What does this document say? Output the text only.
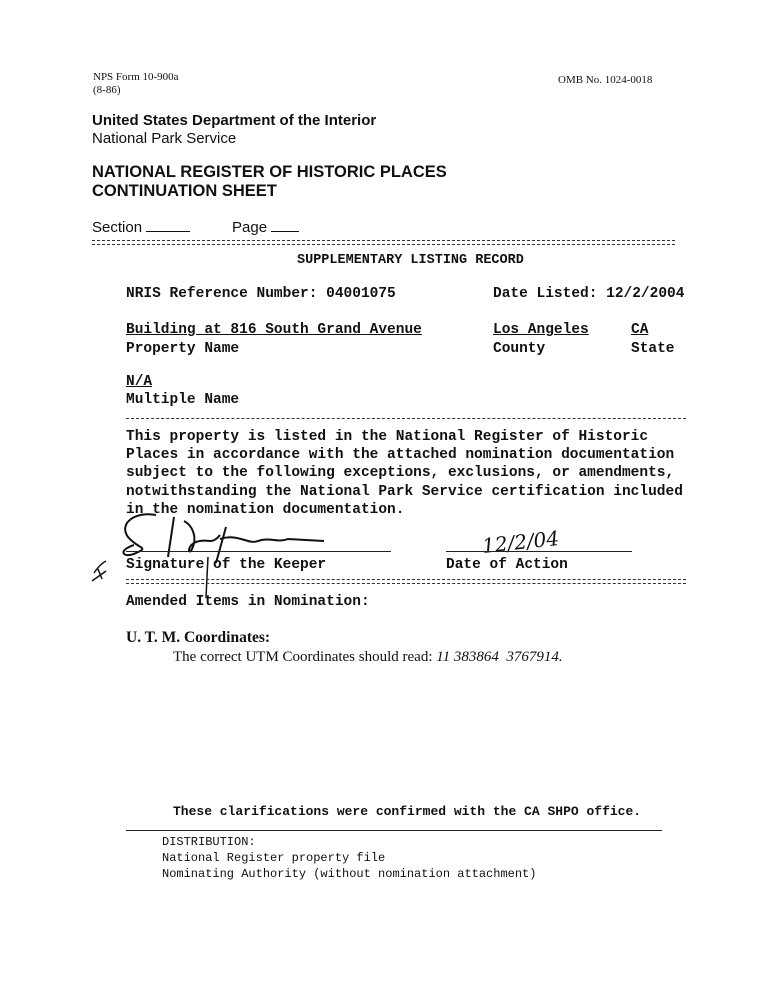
NPS Form 10-900a
(8-86)
OMB No. 1024-0018
United States Department of the Interior
National Park Service
NATIONAL REGISTER OF HISTORIC PLACES
CONTINUATION SHEET
Section	Page
SUPPLEMENTARY LISTING RECORD
NRIS Reference Number: 04001075	Date Listed: 12/2/2004
Building at 816 South Grand Avenue
Property Name
Los Angeles
County
CA
State
N/A
Multiple Name
This property is listed in the National Register of Historic
Places in accordance with the attached nomination documentation
subject to the following exceptions, exclusions, or amendments,
notwithstanding the National Park Service certification included
in the nomination documentation.
Signature of the Keeper
12/2/04
Date of Action
Amended Items in Nomination:
U. T. M. Coordinates:
The correct UTM Coordinates should read: 11 383864  3767914.
These clarifications were confirmed with the CA SHPO office.
DISTRIBUTION:
National Register property file
Nominating Authority (without nomination attachment)
